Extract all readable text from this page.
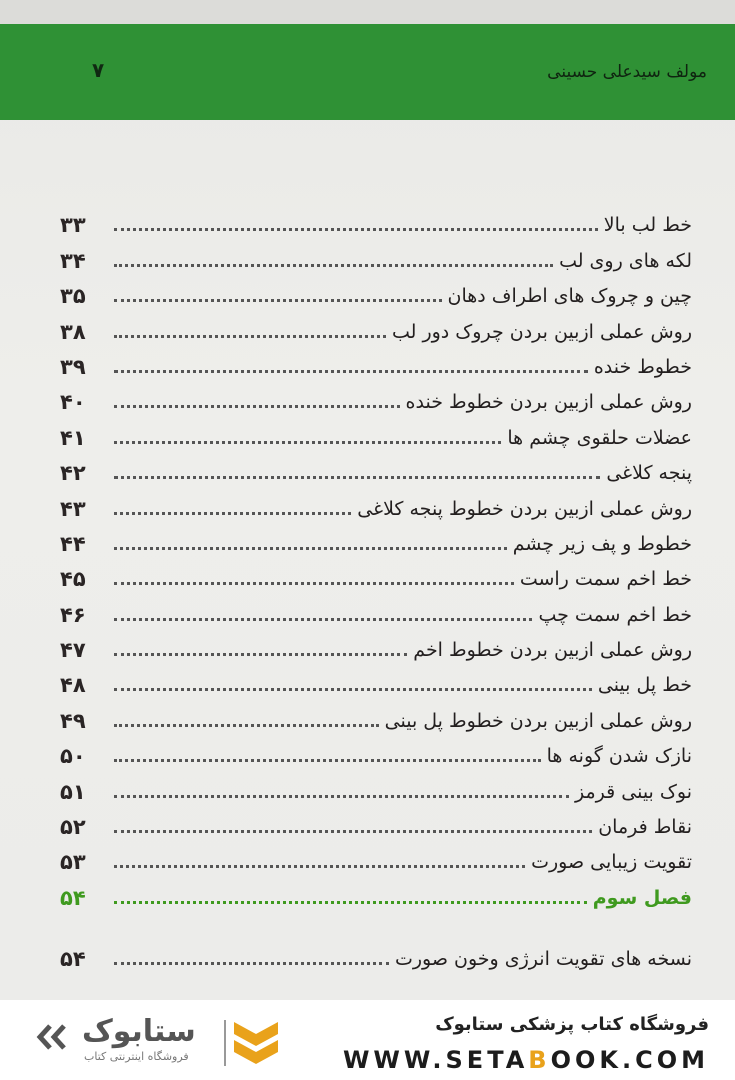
۷	مولف سیدعلی حسینی
خط لب بالا
۳۳
لکه های روی لب
۳۴
چین و چروک های اطراف دهان
۳۵
روش عملی ازبین بردن چروک دور لب
۳۸
خطوط خنده
۳۹
روش عملی ازبین بردن خطوط خنده
۴۰
عضلات حلقوی چشم ها
۴۱
پنجه کلاغی
۴۲
روش عملی ازبین بردن خطوط پنجه کلاغی
۴۳
خطوط و پف زیر چشم
۴۴
خط اخم سمت راست
۴۵
خط اخم سمت چپ
۴۶
روش عملی ازبین بردن خطوط اخم
۴۷
خط پل بینی
۴۸
روش عملی ازبین بردن خطوط پل بینی
۴۹
نازک شدن گونه ها
۵۰
نوک بینی قرمز
۵۱
نقاط فرمان
۵۲
تقویت زیبایی صورت
۵۳
فصل سوم
۵۴
نسخه های تقویت انرژی وخون صورت
۵۴
ستابوک
فروشگاه اینترنتی کتاب
فروشگاه کتاب پزشکی ستابوک
WWW.SETABOOK.COM
